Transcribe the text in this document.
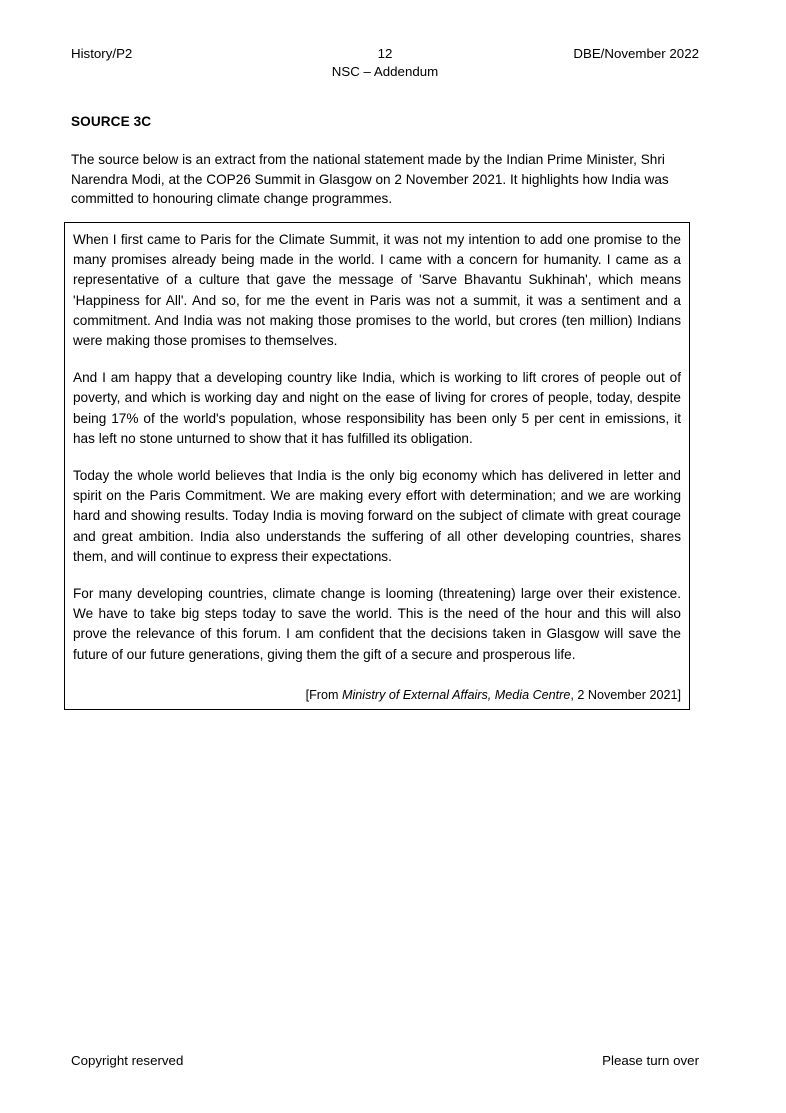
History/P2	12
NSC – Addendum
DBE/November 2022
SOURCE 3C
The source below is an extract from the national statement made by the Indian Prime Minister, Shri Narendra Modi, at the COP26 Summit in Glasgow on 2 November 2021. It highlights how India was committed to honouring climate change programmes.

When I first came to Paris for the Climate Summit, it was not my intention to add one promise to the many promises already being made in the world. I came with a concern for humanity. I came as a representative of a culture that gave the message of 'Sarve Bhavantu Sukhinah', which means 'Happiness for All'. And so, for me the event in Paris was not a summit, it was a sentiment and a commitment. And India was not making those promises to the world, but crores (ten million) Indians were making those promises to themselves.

And I am happy that a developing country like India, which is working to lift crores of people out of poverty, and which is working day and night on the ease of living for crores of people, today, despite being 17% of the world's population, whose responsibility has been only 5 per cent in emissions, it has left no stone unturned to show that it has fulfilled its obligation.

Today the whole world believes that India is the only big economy which has delivered in letter and spirit on the Paris Commitment. We are making every effort with determination; and we are working hard and showing results. Today India is moving forward on the subject of climate with great courage and great ambition. India also understands the suffering of all other developing countries, shares them, and will continue to express their expectations.

For many developing countries, climate change is looming (threatening) large over their existence. We have to take big steps today to save the world. This is the need of the hour and this will also prove the relevance of this forum. I am confident that the decisions taken in Glasgow will save the future of our future generations, giving them the gift of a secure and prosperous life.

[From Ministry of External Affairs, Media Centre, 2 November 2021]
Copyright reserved	Please turn over
